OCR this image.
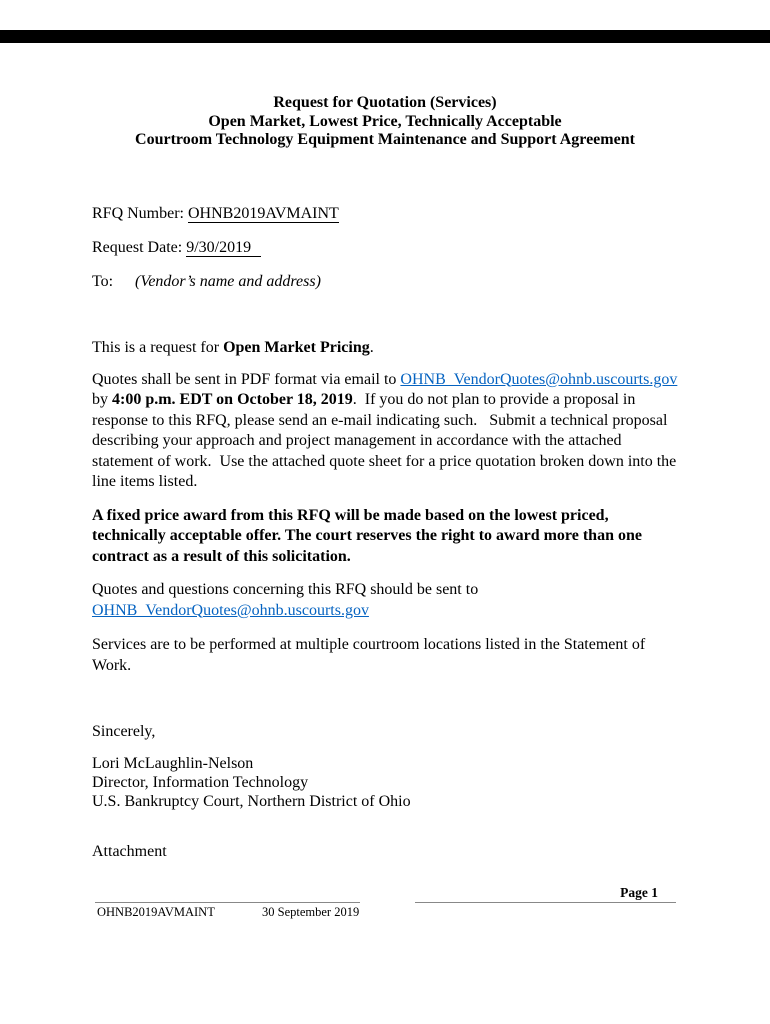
Request for Quotation (Services)
Open Market, Lowest Price, Technically Acceptable
Courtroom Technology Equipment Maintenance and Support Agreement
RFQ Number: OHNB2019AVMAINT
Request Date: 9/30/2019
To: (Vendor’s name and address)
This is a request for Open Market Pricing.

Quotes shall be sent in PDF format via email to OHNB_VendorQuotes@ohnb.uscourts.gov by 4:00 p.m. EDT on October 18, 2019.  If you do not plan to provide a proposal in response to this RFQ, please send an e-mail indicating such.   Submit a technical proposal describing your approach and project management in accordance with the attached statement of work.  Use the attached quote sheet for a price quotation broken down into the line items listed.

A fixed price award from this RFQ will be made based on the lowest priced, technically acceptable offer. The court reserves the right to award more than one contract as a result of this solicitation.

Quotes and questions concerning this RFQ should be sent to
OHNB_VendorQuotes@ohnb.uscourts.gov

Services are to be performed at multiple courtroom locations listed in the Statement of Work.

Sincerely,
Lori McLaughlin-Nelson
Director, Information Technology
U.S. Bankruptcy Court, Northern District of Ohio
Attachment
Page 1
OHNB2019AVMAINT	30 September 2019
